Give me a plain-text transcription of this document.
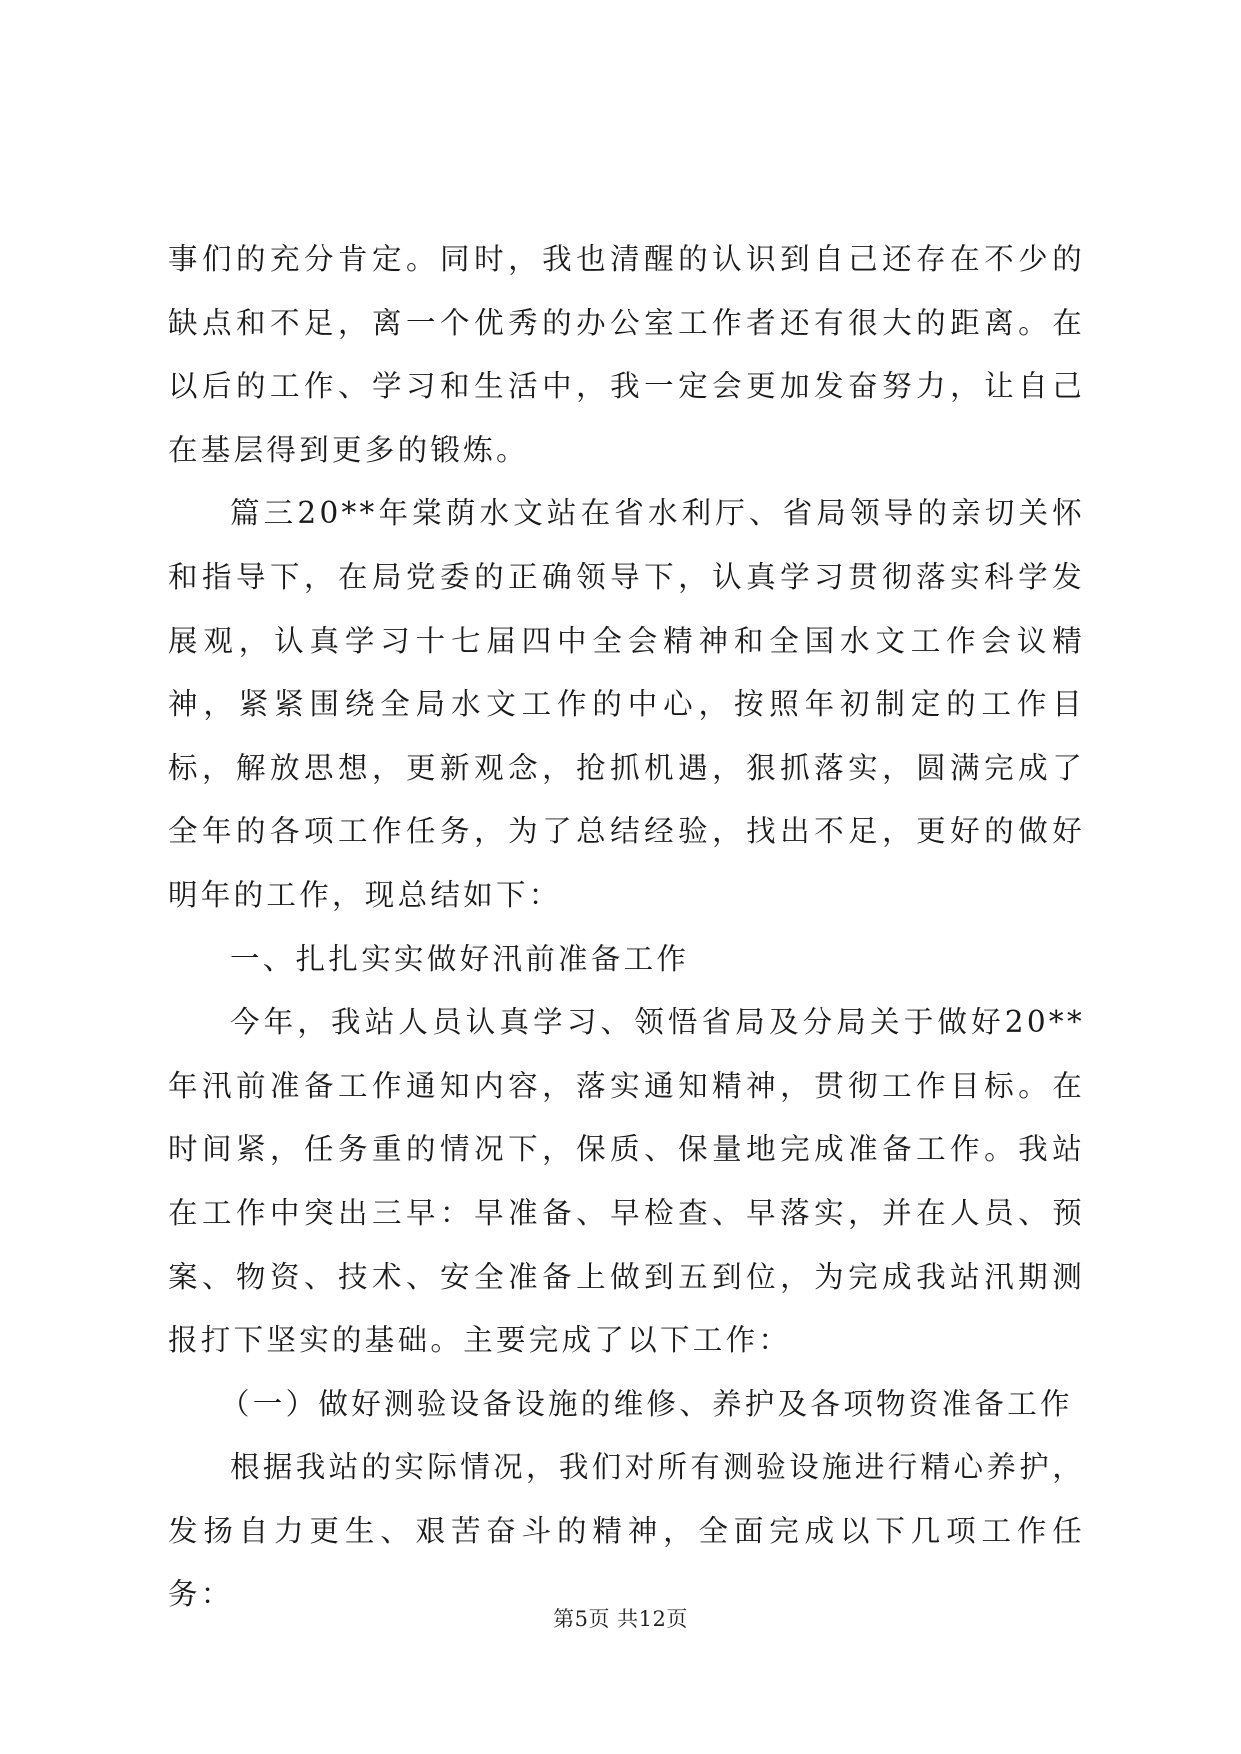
事们的充分肯定。同时，我也清醒的认识到自己还存在不少的缺点和不足，离一个优秀的办公室工作者还有很大的距离。在以后的工作、学习和生活中，我一定会更加发奋努力，让自己在基层得到更多的锻炼。

篇三20**年棠荫水文站在省水利厅、省局领导的亲切关怀和指导下，在局党委的正确领导下，认真学习贯彻落实科学发展观，认真学习十七届四中全会精神和全国水文工作会议精神，紧紧围绕全局水文工作的中心，按照年初制定的工作目标，解放思想，更新观念，抢抓机遇，狠抓落实，圆满完成了全年的各项工作任务，为了总结经验，找出不足，更好的做好明年的工作，现总结如下：

一、扎扎实实做好汛前准备工作

今年，我站人员认真学习、领悟省局及分局关于做好20**年汛前准备工作通知内容，落实通知精神，贯彻工作目标。在时间紧，任务重的情况下，保质、保量地完成准备工作。我站在工作中突出三早：早准备、早检查、早落实，并在人员、预案、物资、技术、安全准备上做到五到位，为完成我站汛期测报打下坚实的基础。主要完成了以下工作：

（一）做好测验设备设施的维修、养护及各项物资准备工作

根据我站的实际情况，我们对所有测验设施进行精心养护，发扬自力更生、艰苦奋斗的精神，全面完成以下几项工作任务：

第5页 共12页
